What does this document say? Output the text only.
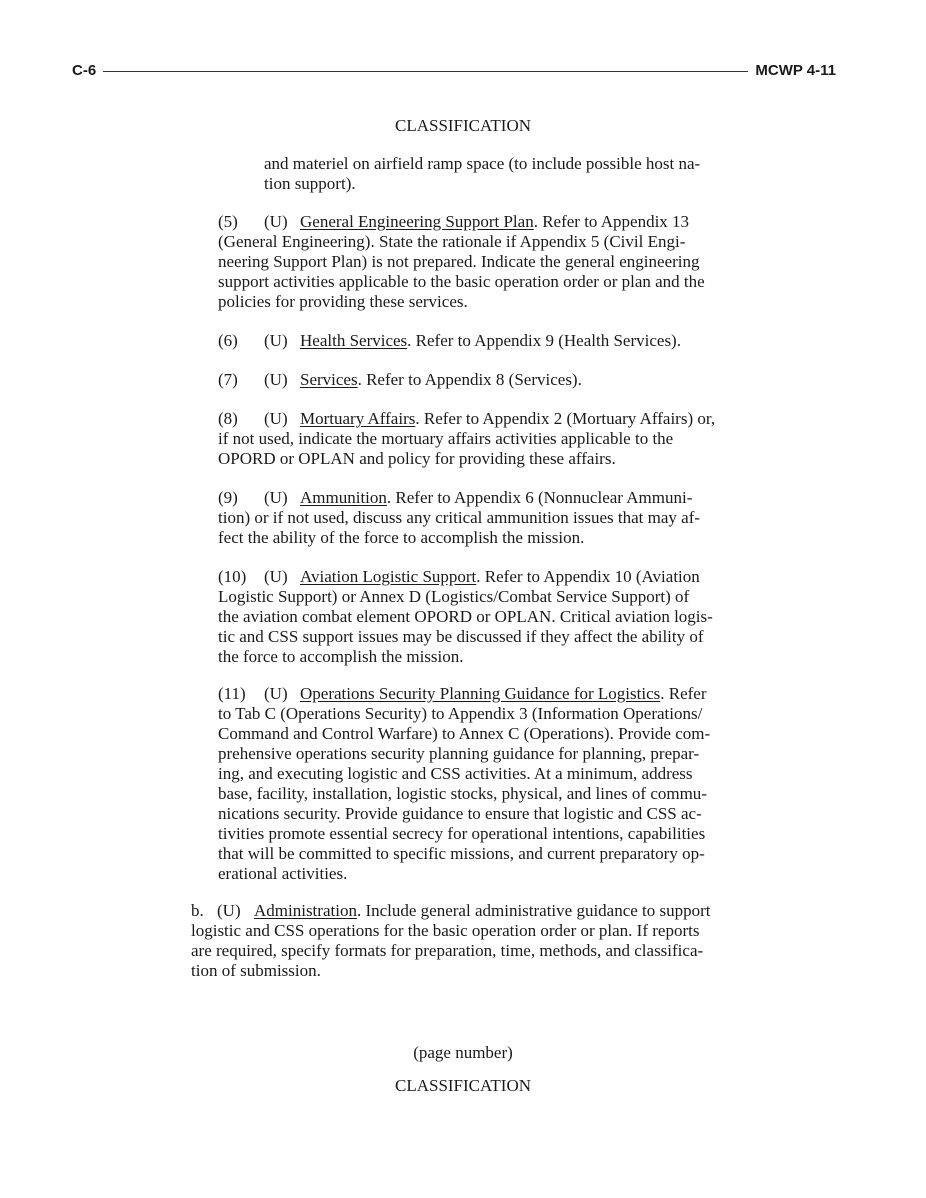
C-6	MCWP 4-11
CLASSIFICATION
and materiel on airfield ramp space (to include possible host na-
tion support).
(5) (U) General Engineering Support Plan. Refer to Appendix 13
(General Engineering). State the rationale if Appendix 5 (Civil Engi-
neering Support Plan) is not prepared. Indicate the general engineering
support activities applicable to the basic operation order or plan and the
policies for providing these services.
(6) (U) Health Services. Refer to Appendix 9 (Health Services).
(7) (U) Services. Refer to Appendix 8 (Services).
(8) (U) Mortuary Affairs. Refer to Appendix 2 (Mortuary Affairs) or,
if not used, indicate the mortuary affairs activities applicable to the
OPORD or OPLAN and policy for providing these affairs.
(9) (U) Ammunition. Refer to Appendix 6 (Nonnuclear Ammuni-
tion) or if not used, discuss any critical ammunition issues that may af-
fect the ability of the force to accomplish the mission.
(10) (U) Aviation Logistic Support. Refer to Appendix 10 (Aviation
Logistic Support) or Annex D (Logistics/Combat Service Support) of
the aviation combat element OPORD or OPLAN. Critical aviation logis-
tic and CSS support issues may be discussed if they affect the ability of
the force to accomplish the mission.
(11) (U) Operations Security Planning Guidance for Logistics. Refer
to Tab C (Operations Security) to Appendix 3 (Information Operations/
Command and Control Warfare) to Annex C (Operations). Provide com-
prehensive operations security planning guidance for planning, prepar-
ing, and executing logistic and CSS activities. At a minimum, address
base, facility, installation, logistic stocks, physical, and lines of commu-
nications security. Provide guidance to ensure that logistic and CSS ac-
tivities promote essential secrecy for operational intentions, capabilities
that will be committed to specific missions, and current preparatory op-
erational activities.
b. (U) Administration. Include general administrative guidance to support
logistic and CSS operations for the basic operation order or plan. If reports
are required, specify formats for preparation, time, methods, and classifica-
tion of submission.
(page number)
CLASSIFICATION
